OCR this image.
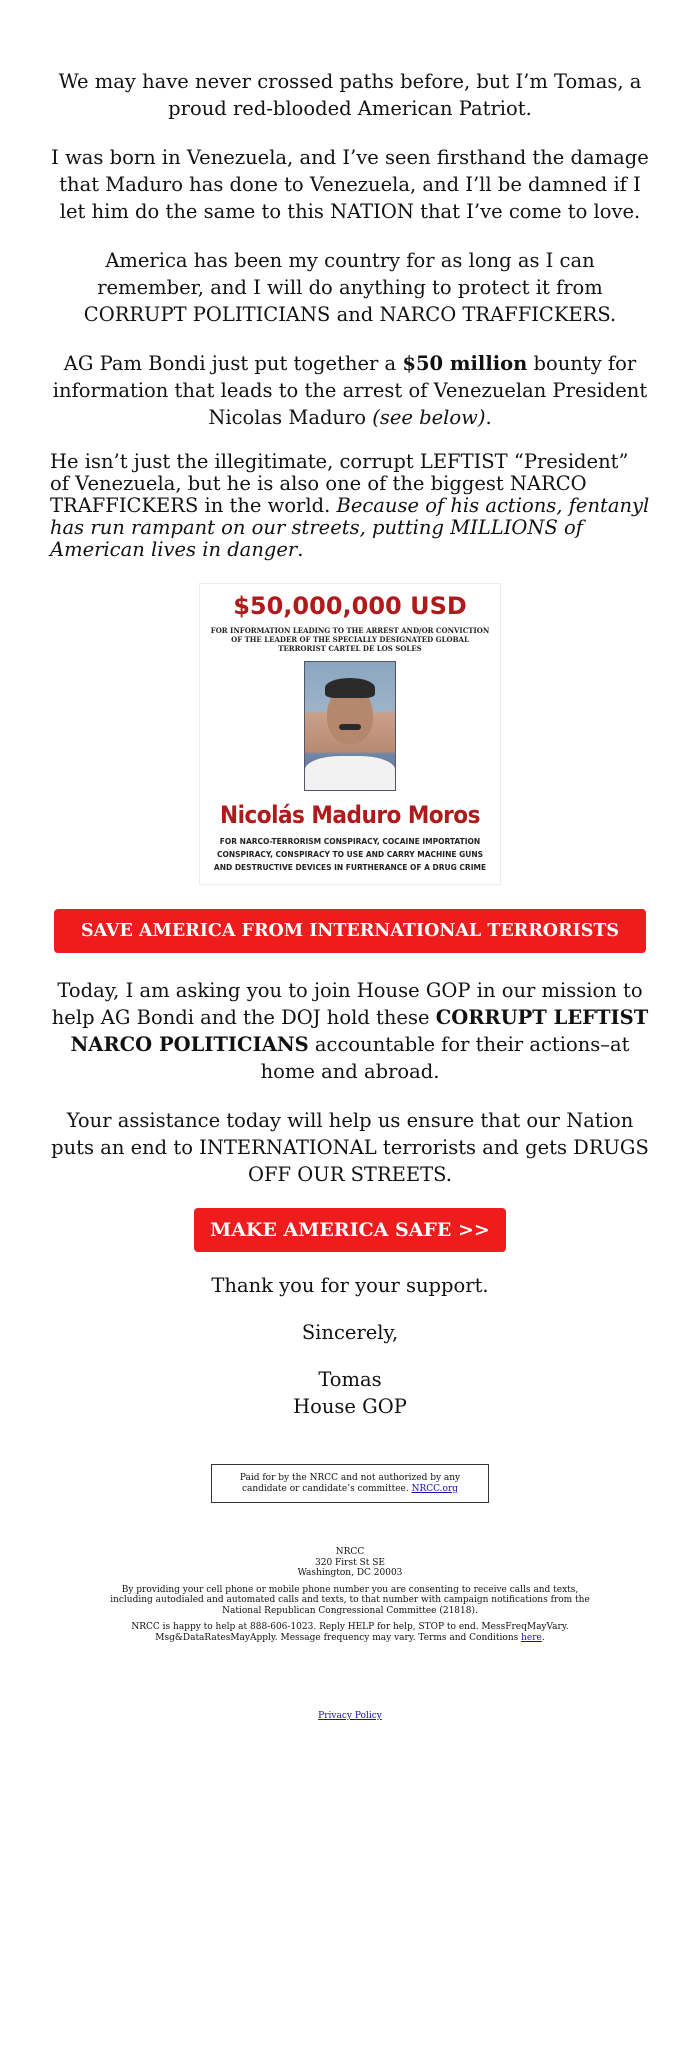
We may have never crossed paths before, but I’m Tomas, a proud red-blooded American Patriot.

I was born in Venezuela, and I’ve seen firsthand the damage that Maduro has done to Venezuela, and I’ll be damned if I let him do the same to this NATION that I’ve come to love.

America has been my country for as long as I can remember, and I will do anything to protect it from CORRUPT POLITICIANS and NARCO TRAFFICKERS.

AG Pam Bondi just put together a $50 million bounty for information that leads to the arrest of Venezuelan President Nicolas Maduro (see below).

He isn’t just the illegitimate, corrupt LEFTIST “President” of Venezuela, but he is also one of the biggest NARCO TRAFFICKERS in the world. Because of his actions, fentanyl has run rampant on our streets, putting MILLIONS of American lives in danger.

$50,000,000 USD
FOR INFORMATION LEADING TO THE ARREST AND/OR CONVICTION OF THE LEADER OF THE SPECIALLY DESIGNATED GLOBAL TERRORIST CARTEL DE LOS SOLES
Nicolás Maduro Moros
FOR NARCO-TERRORISM CONSPIRACY, COCAINE IMPORTATION CONSPIRACY, CONSPIRACY TO USE AND CARRY MACHINE GUNS AND DESTRUCTIVE DEVICES IN FURTHERANCE OF A DRUG CRIME
SAVE AMERICA FROM INTERNATIONAL TERRORISTS

Today, I am asking you to join House GOP in our mission to help AG Bondi and the DOJ hold these CORRUPT LEFTIST NARCO POLITICIANS accountable for their actions–at home and abroad.

Your assistance today will help us ensure that our Nation puts an end to INTERNATIONAL terrorists and gets DRUGS OFF OUR STREETS.

MAKE AMERICA SAFE >>

Thank you for your support.

Sincerely,

Tomas

House GOP

Paid for by the NRCC and not authorized by any candidate or candidate’s committee. NRCC.org
NRCC
320 First St SE
Washington, DC 20003
By providing your cell phone or mobile phone number you are consenting to receive calls and texts, including autodialed and automated calls and texts, to that number with campaign notifications from the National Republican Congressional Committee (21818).
NRCC is happy to help at 888-606-1023. Reply HELP for help, STOP to end. MessFreqMayVary. Msg&DataRatesMayApply. Message frequency may vary. Terms and Conditions here.
Privacy Policy
